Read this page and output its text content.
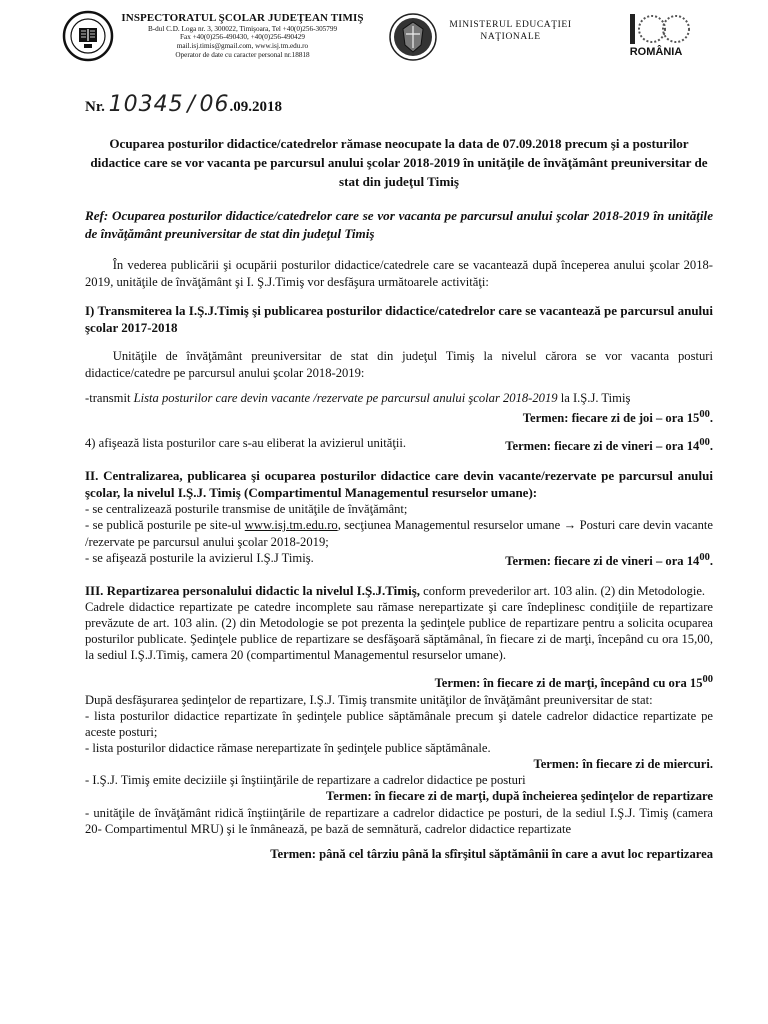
INSPECTORATUL ŞCOLAR JUDEŢEAN TIMIŞ
B-dul C.D. Loga nr. 3, 300022, Timişoara, Tel +40(0)256-305799
Fax +40(0)256-490430, +40(0)256-490429
mail.isj.timis@gmail.com, www.isj.tm.edu.ro
Operator de date cu caracter personal nr.18818
MINISTERUL EDUCAŢIEI
NAŢIONALE
ROMÂNIA
Nr. 10345 / 06.09.2018
Ocuparea posturilor didactice/catedrelor rămase neocupate la data de 07.09.2018 precum şi a posturilor didactice care se vor vacanta pe parcursul anului şcolar 2018-2019 în unităţile de învăţământ preuniversitar de stat din judeţul Timiş
Ref: Ocuparea posturilor didactice/catedrelor care se vor vacanta pe parcursul anului şcolar 2018-2019 în unităţile de învăţământ preuniversitar de stat din judeţul Timiş

În vederea publicării şi ocupării posturilor didactice/catedrele care se vacantează după începerea anului şcolar 2018-2019, unităţile de învăţământ şi I. Ş.J.Timiş vor desfăşura următoarele activităţi:

I) Transmiterea la I.Ş.J.Timiş şi publicarea posturilor didactice/catedrelor care se vacantează pe parcursul anului şcolar 2017-2018

Unităţile de învăţământ preuniversitar de stat din judeţul Timiş la nivelul cărora se vor vacanta posturi didactice/catedre pe parcursul anului şcolar 2018-2019:

-transmit Lista posturilor care devin vacante /rezervate pe parcursul anului şcolar 2018-2019 la I.Ş.J. Timiş

Termen: fiecare zi de joi – ora $15^{00}$.
4) afişează lista posturilor care s-au eliberat la avizierul unităţii.	Termen: fiecare zi de vineri – ora $14^{00}$.
II. Centralizarea, publicarea şi ocuparea posturilor didactice care devin vacante/rezervate pe parcursul anului şcolar, la nivelul I.Ş.J. Timiş (Compartimentul Managementul resurselor umane):

- se centralizează posturile transmise de unităţile de învăţământ;

- se publică posturile pe site-ul www.isj.tm.edu.ro, secţiunea Managementul resurselor umane → Posturi care devin vacante /rezervate pe parcursul anului şcolar 2018-2019;

- se afişează posturile la avizierul I.Ş.J Timiş.	Termen: fiecare zi de vineri – ora $14^{00}$.

III. Repartizarea personalului didactic la nivelul I.Ş.J.Timiş, conform prevederilor art. 103 alin. (2) din Metodologie.

Cadrele didactice repartizate pe catedre incomplete sau rămase nerepartizate şi care îndeplinesc condiţiile de repartizare prevăzute de art. 103 alin. (2) din Metodologie se pot prezenta la şedinţele publice de repartizare pentru a solicita ocuparea posturilor publicate. Şedinţele publice de repartizare se desfăşoară săptămânal, în fiecare zi de marţi, începând cu ora 15,00, la sediul I.Ş.J.Timiş, camera 20 (compartimentul Managementul resurselor umane).

Termen: în fiecare zi de marţi, începând cu ora $15^{00}$

După desfăşurarea şedinţelor de repartizare, I.Ş.J. Timiş transmite unităţilor de învăţământ preuniversitar de stat:

- lista posturilor didactice repartizate în şedinţele publice săptămânale precum şi datele cadrelor didactice repartizate pe aceste posturi;

- lista posturilor didactice rămase nerepartizate în şedinţele publice săptămânale.

Termen: în fiecare zi de miercuri.

- I.Ş.J. Timiş emite deciziile şi înştiinţările de repartizare a cadrelor didactice pe posturi

Termen: în fiecare zi de marţi, după încheierea şedinţelor de repartizare

- unităţile de învăţământ ridică înştiinţările de repartizare a cadrelor didactice pe posturi, de la sediul I.Ş.J. Timiş (camera 20- Compartimentul MRU) şi le înmânează, pe bază de semnătură, cadrelor didactice repartizate

Termen: până cel târziu până la sfîrşitul săptămânii în care a avut loc repartizarea
